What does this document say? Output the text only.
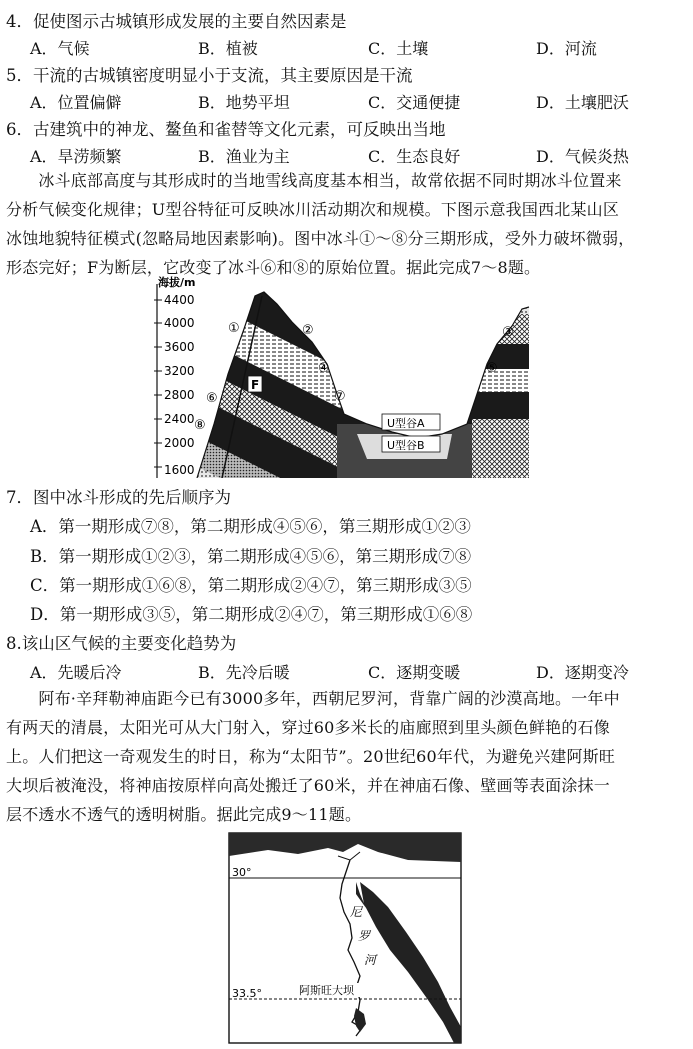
4．促使图示古城镇形成发展的主要自然因素是
A．气候	B．植被	C．土壤	D．河流
5．干流的古城镇密度明显小于支流，其主要原因是干流
A．位置偏僻	B．地势平坦	C．交通便捷	D．土壤肥沃
6．古建筑中的神龙、鳌鱼和雀替等文化元素，可反映出当地
A．旱涝频繁	B．渔业为主	C．生态良好	D．气候炎热

　　冰斗底部高度与其形成时的当地雪线高度基本相当，故常依据不同时期冰斗位置来

分析气候变化规律；U型谷特征可反映冰川活动期次和规模。下图示意我国西北某山区

冰蚀地貌特征模式(忽略局地因素影响)。图中冰斗①～⑧分三期形成，受外力破坏微弱，

形态完好；F为断层，它改变了冰斗⑥和⑧的原始位置。据此完成7～8题。

海拔/m
4400
4000
3600
3200
2800
2400
2000
1600
U型谷A
U型谷B
F
①	②	③
④	⑤
⑥	⑦
⑧
7．图中冰斗形成的先后顺序为
A．第一期形成⑦⑧，第二期形成④⑤⑥，第三期形成①②③
B．第一期形成①②③，第二期形成④⑤⑥，第三期形成⑦⑧
C．第一期形成①⑥⑧，第二期形成②④⑦，第三期形成③⑤
D．第一期形成③⑤，第二期形成②④⑦，第三期形成①⑥⑧
8.该山区气候的主要变化趋势为
A．先暖后冷	B．先冷后暖	C．逐期变暖	D．逐期变冷

　　阿布·辛拜勒神庙距今已有3000多年，西朝尼罗河，背靠广阔的沙漠高地。一年中

有两天的清晨，太阳光可从大门射入，穿过60多米长的庙廊照到里头颜色鲜艳的石像

上。人们把这一奇观发生的时日，称为“太阳节”。20世纪60年代，为避免兴建阿斯旺

大坝后被淹没，将神庙按原样向高处搬迁了60米，并在神庙石像、壁画等表面涂抹一

层不透水不透气的透明树脂。据此完成9～11题。

30°
33.5°
尼
罗
河
阿斯旺大坝
